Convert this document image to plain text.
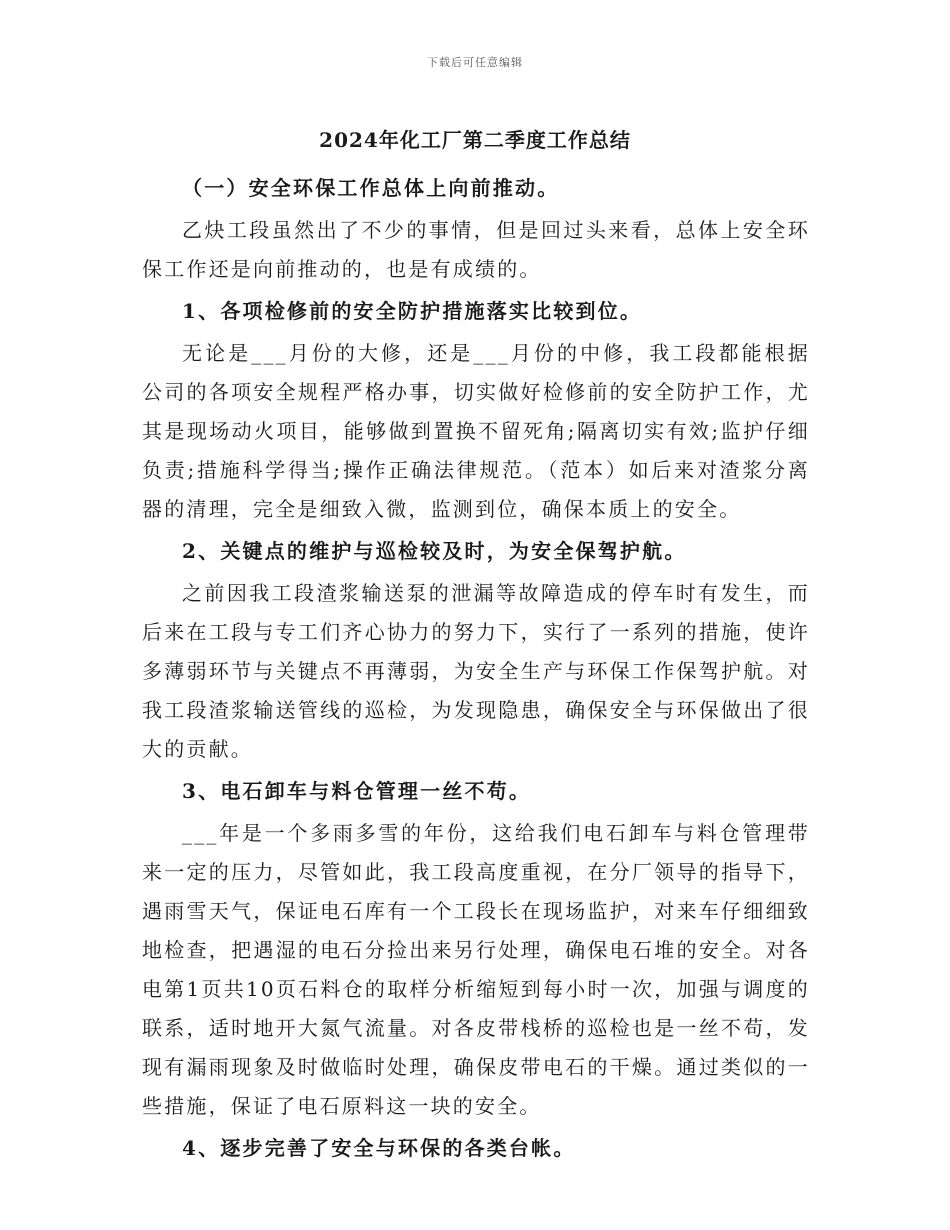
下载后可任意编辑
2024年化工厂第二季度工作总结

（一）安全环保工作总体上向前推动。

乙炔工段虽然出了不少的事情，但是回过头来看，总体上安全环保工作还是向前推动的，也是有成绩的。

1、各项检修前的安全防护措施落实比较到位。

无论是___月份的大修，还是___月份的中修，我工段都能根据公司的各项安全规程严格办事，切实做好检修前的安全防护工作，尤其是现场动火项目，能够做到置换不留死角;隔离切实有效;监护仔细负责;措施科学得当;操作正确法律规范。（范本）如后来对渣浆分离器的清理，完全是细致入微，监测到位，确保本质上的安全。

2、关键点的维护与巡检较及时，为安全保驾护航。

之前因我工段渣浆输送泵的泄漏等故障造成的停车时有发生，而后来在工段与专工们齐心协力的努力下，实行了一系列的措施，使许多薄弱环节与关键点不再薄弱，为安全生产与环保工作保驾护航。对我工段渣浆输送管线的巡检，为发现隐患，确保安全与环保做出了很大的贡献。

3、电石卸车与料仓管理一丝不苟。

___年是一个多雨多雪的年份，这给我们电石卸车与料仓管理带来一定的压力，尽管如此，我工段高度重视，在分厂领导的指导下，遇雨雪天气，保证电石库有一个工段长在现场监护，对来车仔细细致地检查，把遇湿的电石分捡出来另行处理，确保电石堆的安全。对各电第1页共10页石料仓的取样分析缩短到每小时一次，加强与调度的联系，适时地开大氮气流量。对各皮带栈桥的巡检也是一丝不苟，发现有漏雨现象及时做临时处理，确保皮带电石的干燥。通过类似的一些措施，保证了电石原料这一块的安全。

4、逐步完善了安全与环保的各类台帐。
